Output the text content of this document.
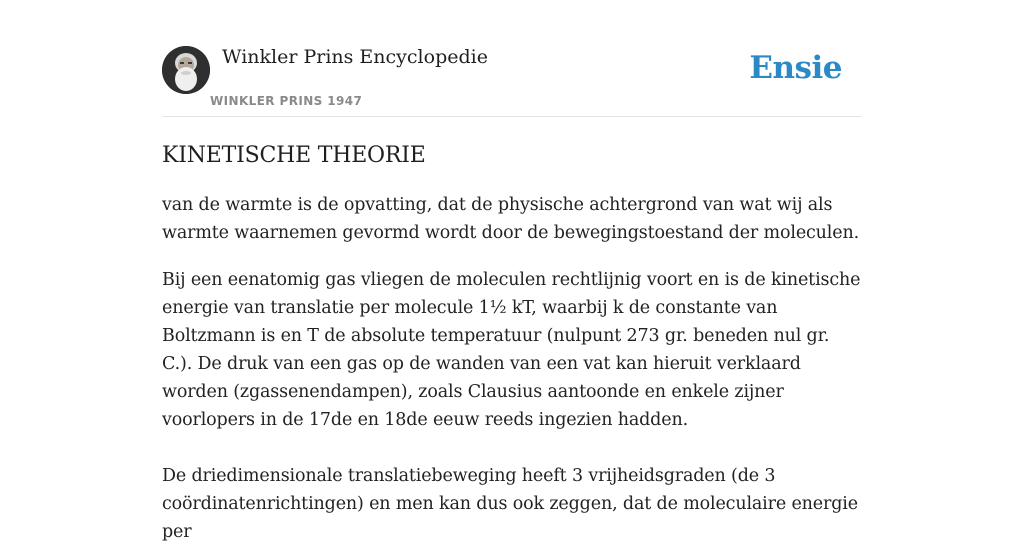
Winkler Prins Encyclopedie
WINKLER PRINS 1947
Ensie
KINETISCHE THEORIE

van de warmte is de opvatting, dat de physische achtergrond van wat wij als warmte waarnemen gevormd wordt door de bewegingstoestand der moleculen.

Bij een eenatomig gas vliegen de moleculen rechtlijnig voort en is de kinetische energie van translatie per molecule 1½ kT, waarbij k de constante van Boltzmann is en T de absolute temperatuur (nulpunt 273 gr. beneden nul gr. C.). De druk van een gas op de wanden van een vat kan hieruit verklaard worden (zgassenendampen), zoals Clausius aantoonde en enkele zijner voorlopers in de 17de en 18de eeuw reeds ingezien hadden.

De driedimensionale translatiebeweging heeft 3 vrijheidsgraden (de 3 coördinatenrichtingen) en men kan dus ook zeggen, dat de moleculaire energie per
